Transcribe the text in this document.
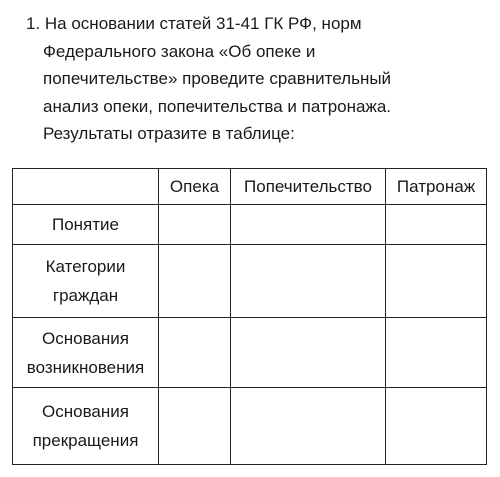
1. На основании статей 31-41 ГК РФ, норм
Федерального закона «Об опеке и
попечительстве» проведите сравнительный
анализ опеки, попечительства и патронажа.
Результаты отразите в таблице:
	Опека	Попечительство	Патронаж

Понятие			

Категории
граждан			

Основания
возникновения			

Основания
прекращения			
